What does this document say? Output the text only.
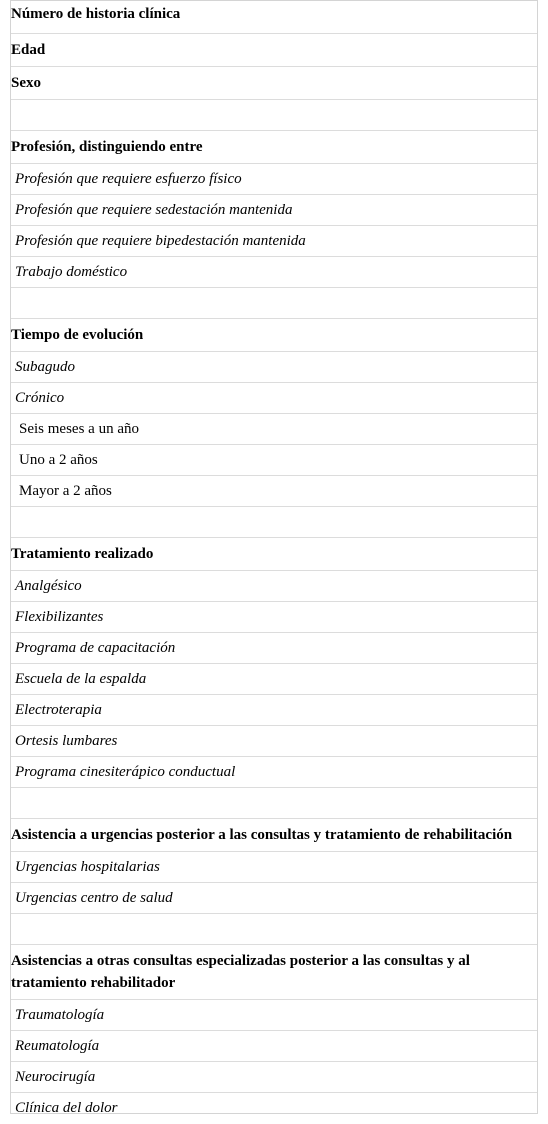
Número de historia clínica
Edad
Sexo
Profesión, distinguiendo entre
Profesión que requiere esfuerzo físico
Profesión que requiere sedestación mantenida
Profesión que requiere bipedestación mantenida
Trabajo doméstico
Tiempo de evolución
Subagudo
Crónico
Seis meses a un año
Uno a 2 años
Mayor a 2 años
Tratamiento realizado
Analgésico
Flexibilizantes
Programa de capacitación
Escuela de la espalda
Electroterapia
Ortesis lumbares
Programa cinesiterápico conductual
Asistencia a urgencias posterior a las consultas y tratamiento de rehabilitación
Urgencias hospitalarias
Urgencias centro de salud
Asistencias a otras consultas especializadas posterior a las consultas y al tratamiento rehabilitador
Traumatología
Reumatología
Neurocirugía
Clínica del dolor
